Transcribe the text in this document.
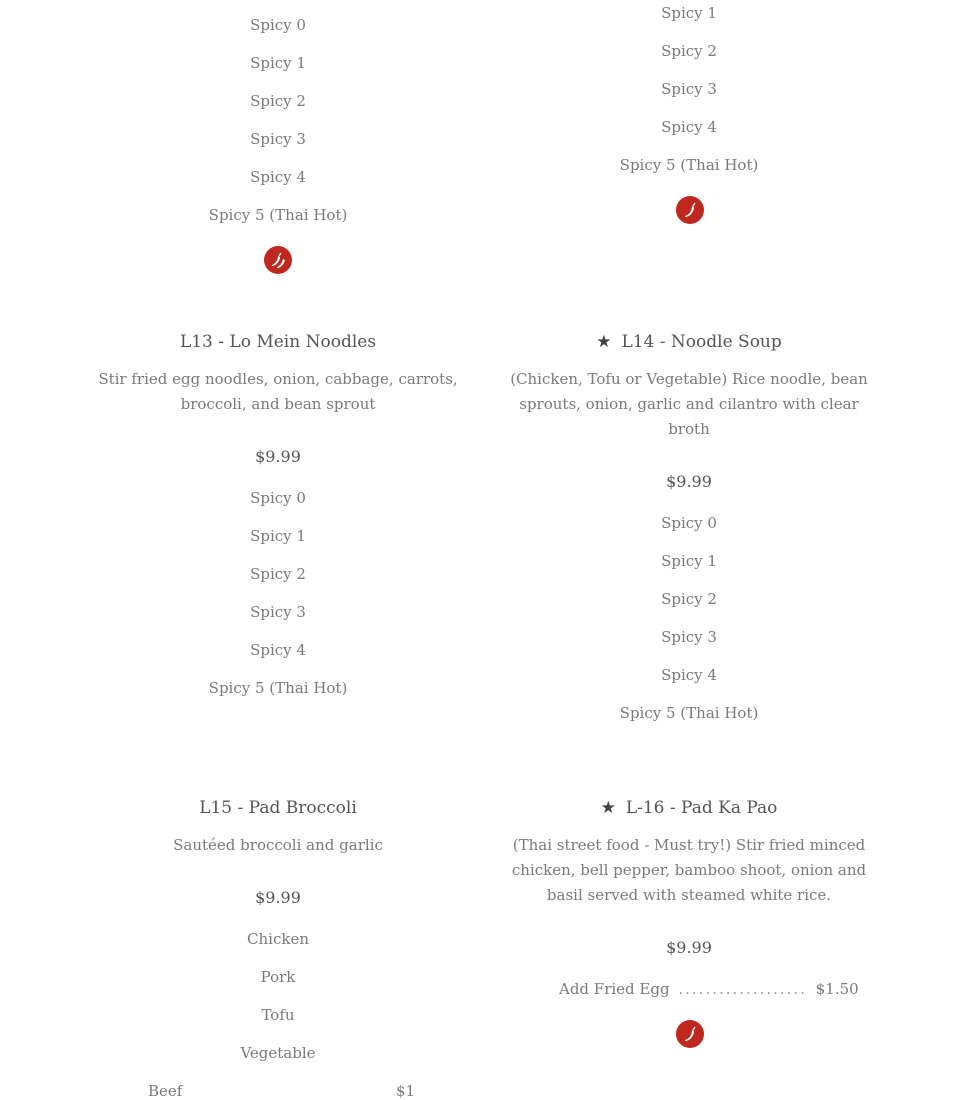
Spicy 0
Spicy 1
Spicy 2
Spicy 3
Spicy 4
Spicy 5 (Thai Hot)
Spicy 1
Spicy 2
Spicy 3
Spicy 4
Spicy 5 (Thai Hot)
L13 - Lo Mein Noodles
Stir fried egg noodles, onion, cabbage, carrots,
broccoli, and bean sprout
$9.99
Spicy 0
Spicy 1
Spicy 2
Spicy 3
Spicy 4
Spicy 5 (Thai Hot)
★ L14 - Noodle Soup
(Chicken, Tofu or Vegetable) Rice noodle, bean
sprouts, onion, garlic and cilantro with clear
broth
$9.99
Spicy 0
Spicy 1
Spicy 2
Spicy 3
Spicy 4
Spicy 5 (Thai Hot)
L15 - Pad Broccoli
Sautéed broccoli and garlic
$9.99
Chicken
Pork
Tofu
Vegetable
Beef	$1
★ L-16 - Pad Ka Pao
(Thai street food - Must try!) Stir fried minced
chicken, bell pepper, bamboo shoot, onion and
basil served with steamed white rice.
$9.99
Add Fried Egg ................... $1.50
